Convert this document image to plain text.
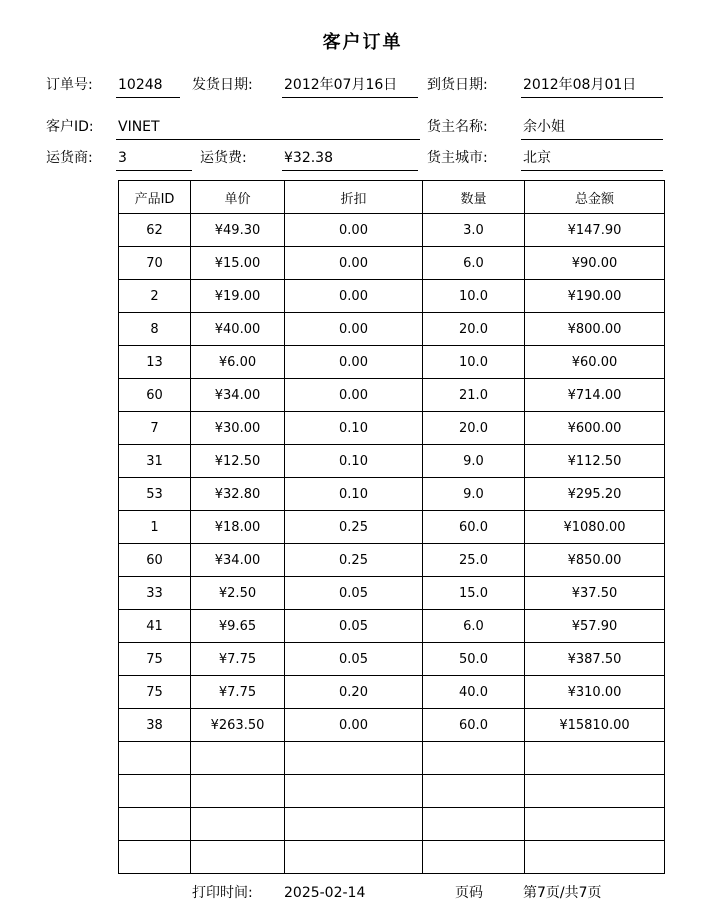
客户订单
订单号: 10248 发货日期: 2012年07月16日 到货日期:	2012年08月01日
客户ID: VINET	货主名称:	余小姐
运货商: 3	运货费:	¥32.38	货主城市:	北京
产品ID	单价	折扣	数量	总金额
62	¥49.30	0.00	3.0	¥147.90
70	¥15.00	0.00	6.0	¥90.00
2	¥19.00	0.00	10.0	¥190.00
8	¥40.00	0.00	20.0	¥800.00
13	¥6.00	0.00	10.0	¥60.00
60	¥34.00	0.00	21.0	¥714.00
7	¥30.00	0.10	20.0	¥600.00
31	¥12.50	0.10	9.0	¥112.50
53	¥32.80	0.10	9.0	¥295.20
1	¥18.00	0.25	60.0	¥1080.00
60	¥34.00	0.25	25.0	¥850.00
33	¥2.50	0.05	15.0	¥37.50
41	¥9.65	0.05	6.0	¥57.90
75	¥7.75	0.05	50.0	¥387.50
75	¥7.75	0.20	40.0	¥310.00
38	¥263.50	0.00	60.0	¥15810.00

打印时间: 2025-02-14	页码	第7页/共7页
